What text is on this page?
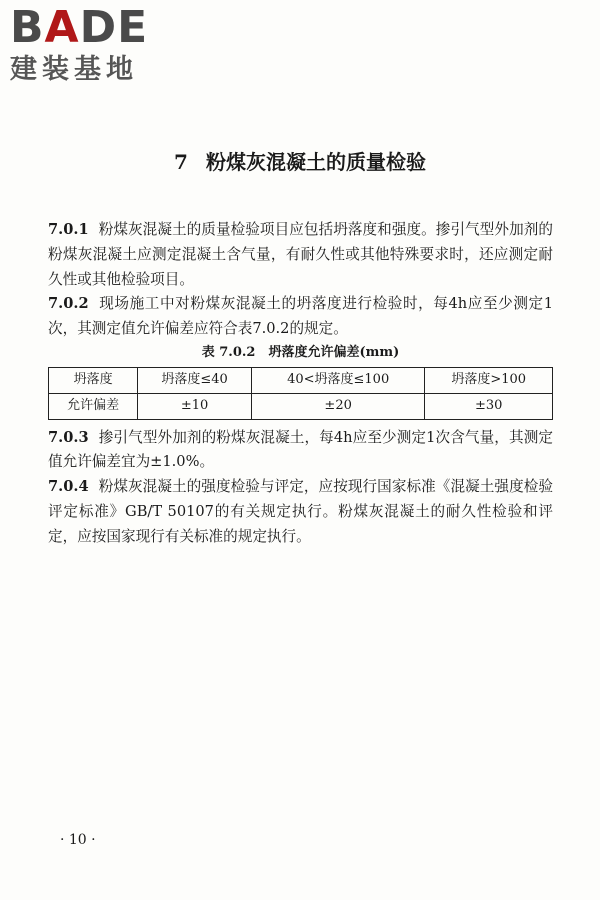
BADE
建装基地
7 粉煤灰混凝土的质量检验

7.0.1 粉煤灰混凝土的质量检验项目应包括坍落度和强度。掺引气型外加剂的粉煤灰混凝土应测定混凝土含气量，有耐久性或其他特殊要求时，还应测定耐久性或其他检验项目。

7.0.2 现场施工中对粉煤灰混凝土的坍落度进行检验时，每4h应至少测定1次，其测定值允许偏差应符合表7.0.2的规定。

表 7.0.2　坍落度允许偏差(mm)
坍落度	坍落度≤40	40<坍落度≤100	坍落度>100
允许偏差	±10	±20	±30

7.0.3 掺引气型外加剂的粉煤灰混凝土，每4h应至少测定1次含气量，其测定值允许偏差宜为±1.0%。

7.0.4 粉煤灰混凝土的强度检验与评定，应按现行国家标准《混凝土强度检验评定标准》GB/T 50107的有关规定执行。粉煤灰混凝土的耐久性检验和评定，应按国家现行有关标准的规定执行。

· 10 ·
